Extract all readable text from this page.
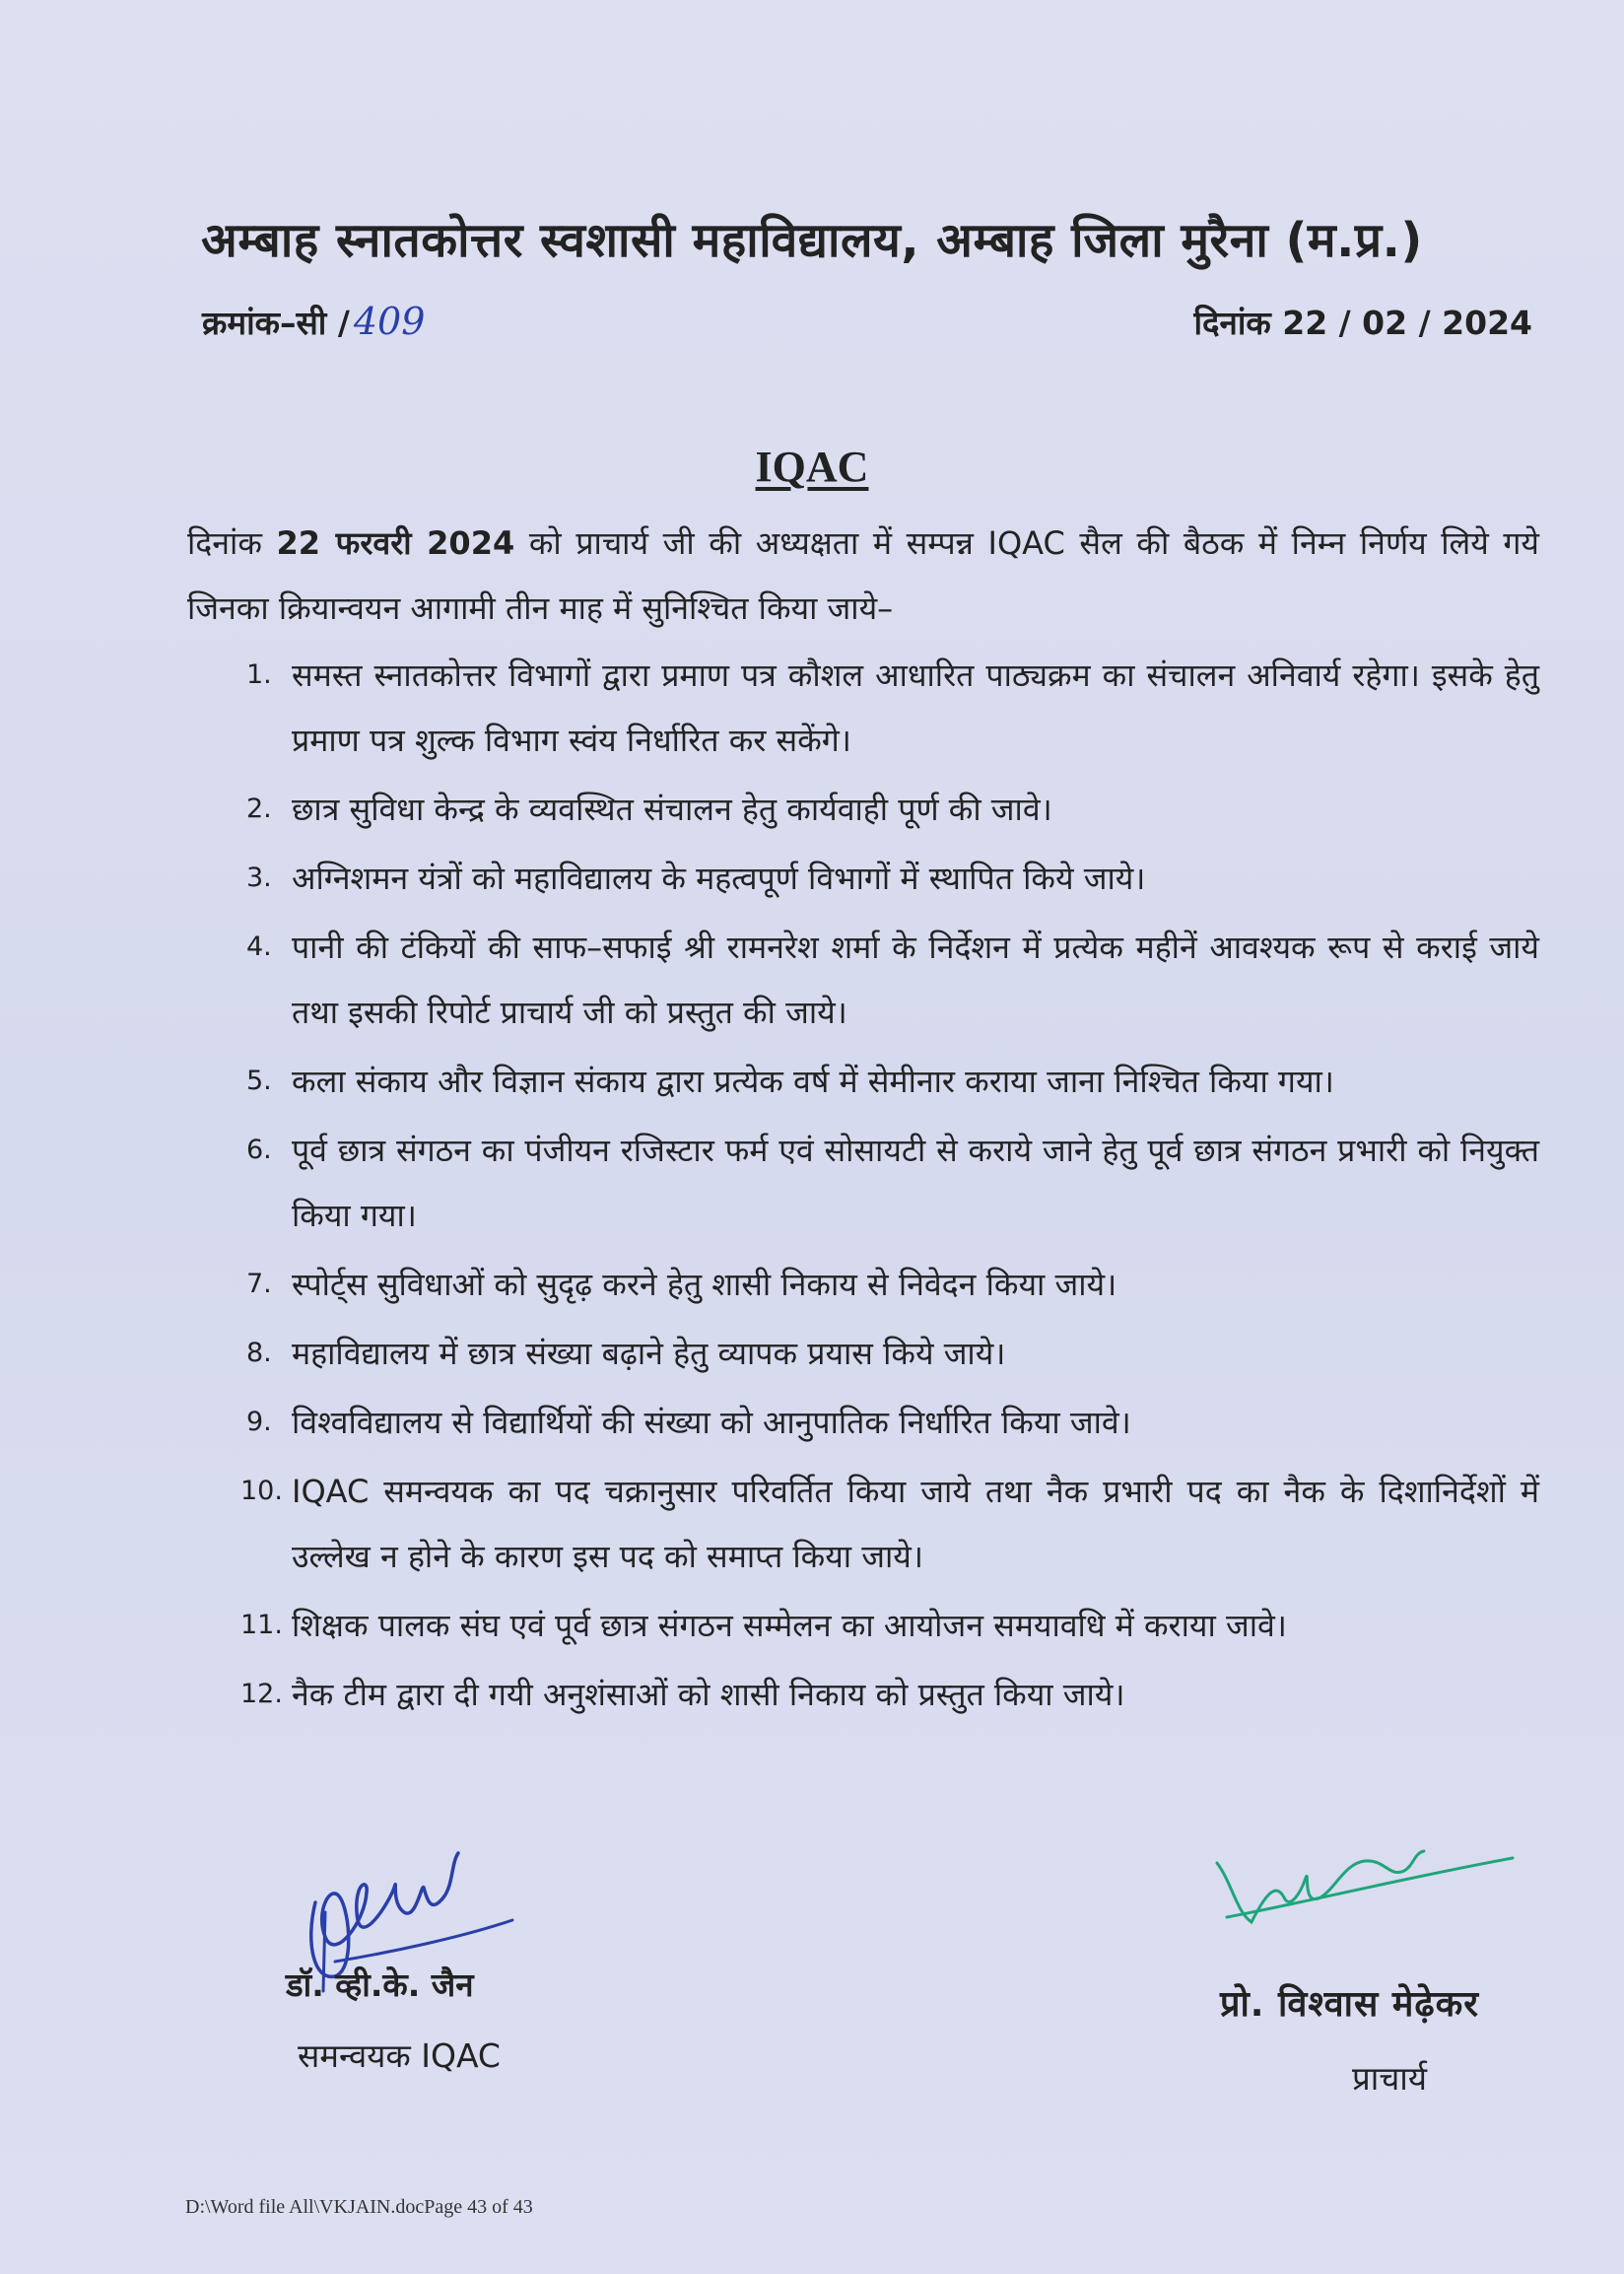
अम्बाह स्नातकोत्तर स्वशासी महाविद्यालय, अम्बाह जिला मुरैना (म.प्र.)
क्रमांक–सी / 409	दिनांक 22 / 02 / 2024
IQAC
दिनांक 22 फरवरी 2024 को प्राचार्य जी की अध्यक्षता में सम्पन्न IQAC सैल की बैठक में निम्न निर्णय लिये गये जिनका क्रियान्वयन आगामी तीन माह में सुनिश्चित किया जाये–
1. समस्त स्नातकोत्तर विभागों द्वारा प्रमाण पत्र कौशल आधारित पाठ्यक्रम का संचालन अनिवार्य रहेगा। इसके हेतु प्रमाण पत्र शुल्क विभाग स्वंय निर्धारित कर सकेंगे।
2. छात्र सुविधा केन्द्र के व्यवस्थित संचालन हेतु कार्यवाही पूर्ण की जावे।
3. अग्निशमन यंत्रों को महाविद्यालय के महत्वपूर्ण विभागों में स्थापित किये जाये।
4. पानी की टंकियों की साफ–सफाई श्री रामनरेश शर्मा के निर्देशन में प्रत्येक महीनें आवश्यक रूप से कराई जाये तथा इसकी रिपोर्ट प्राचार्य जी को प्रस्तुत की जाये।
5. कला संकाय और विज्ञान संकाय द्वारा प्रत्येक वर्ष में सेमीनार कराया जाना निश्चित किया गया।
6. पूर्व छात्र संगठन का पंजीयन रजिस्टार फर्म एवं सोसायटी से कराये जाने हेतु पूर्व छात्र संगठन प्रभारी को नियुक्त किया गया।
7. स्पोर्ट्स सुविधाओं को सुदृढ़ करने हेतु शासी निकाय से निवेदन किया जाये।
8. महाविद्यालय में छात्र संख्या बढ़ाने हेतु व्यापक प्रयास किये जाये।
9. विश्वविद्यालय से विद्यार्थियों की संख्या को आनुपातिक निर्धारित किया जावे।
10. IQAC समन्वयक का पद चक्रानुसार परिवर्तित किया जाये तथा नैक प्रभारी पद का नैक के दिशानिर्देशों में उल्लेख न होने के कारण इस पद को समाप्त किया जाये।
11. शिक्षक पालक संघ एवं पूर्व छात्र संगठन सम्मेलन का आयोजन समयावधि में कराया जावे।
12. नैक टीम द्वारा दी गयी अनुशंसाओं को शासी निकाय को प्रस्तुत किया जाये।
डॉ. व्ही.के. जैन
समन्वयक IQAC
प्रो. विश्वास मेढ़ेकर
प्राचार्य
D:\Word file All\VKJAIN.docPage 43 of 43
